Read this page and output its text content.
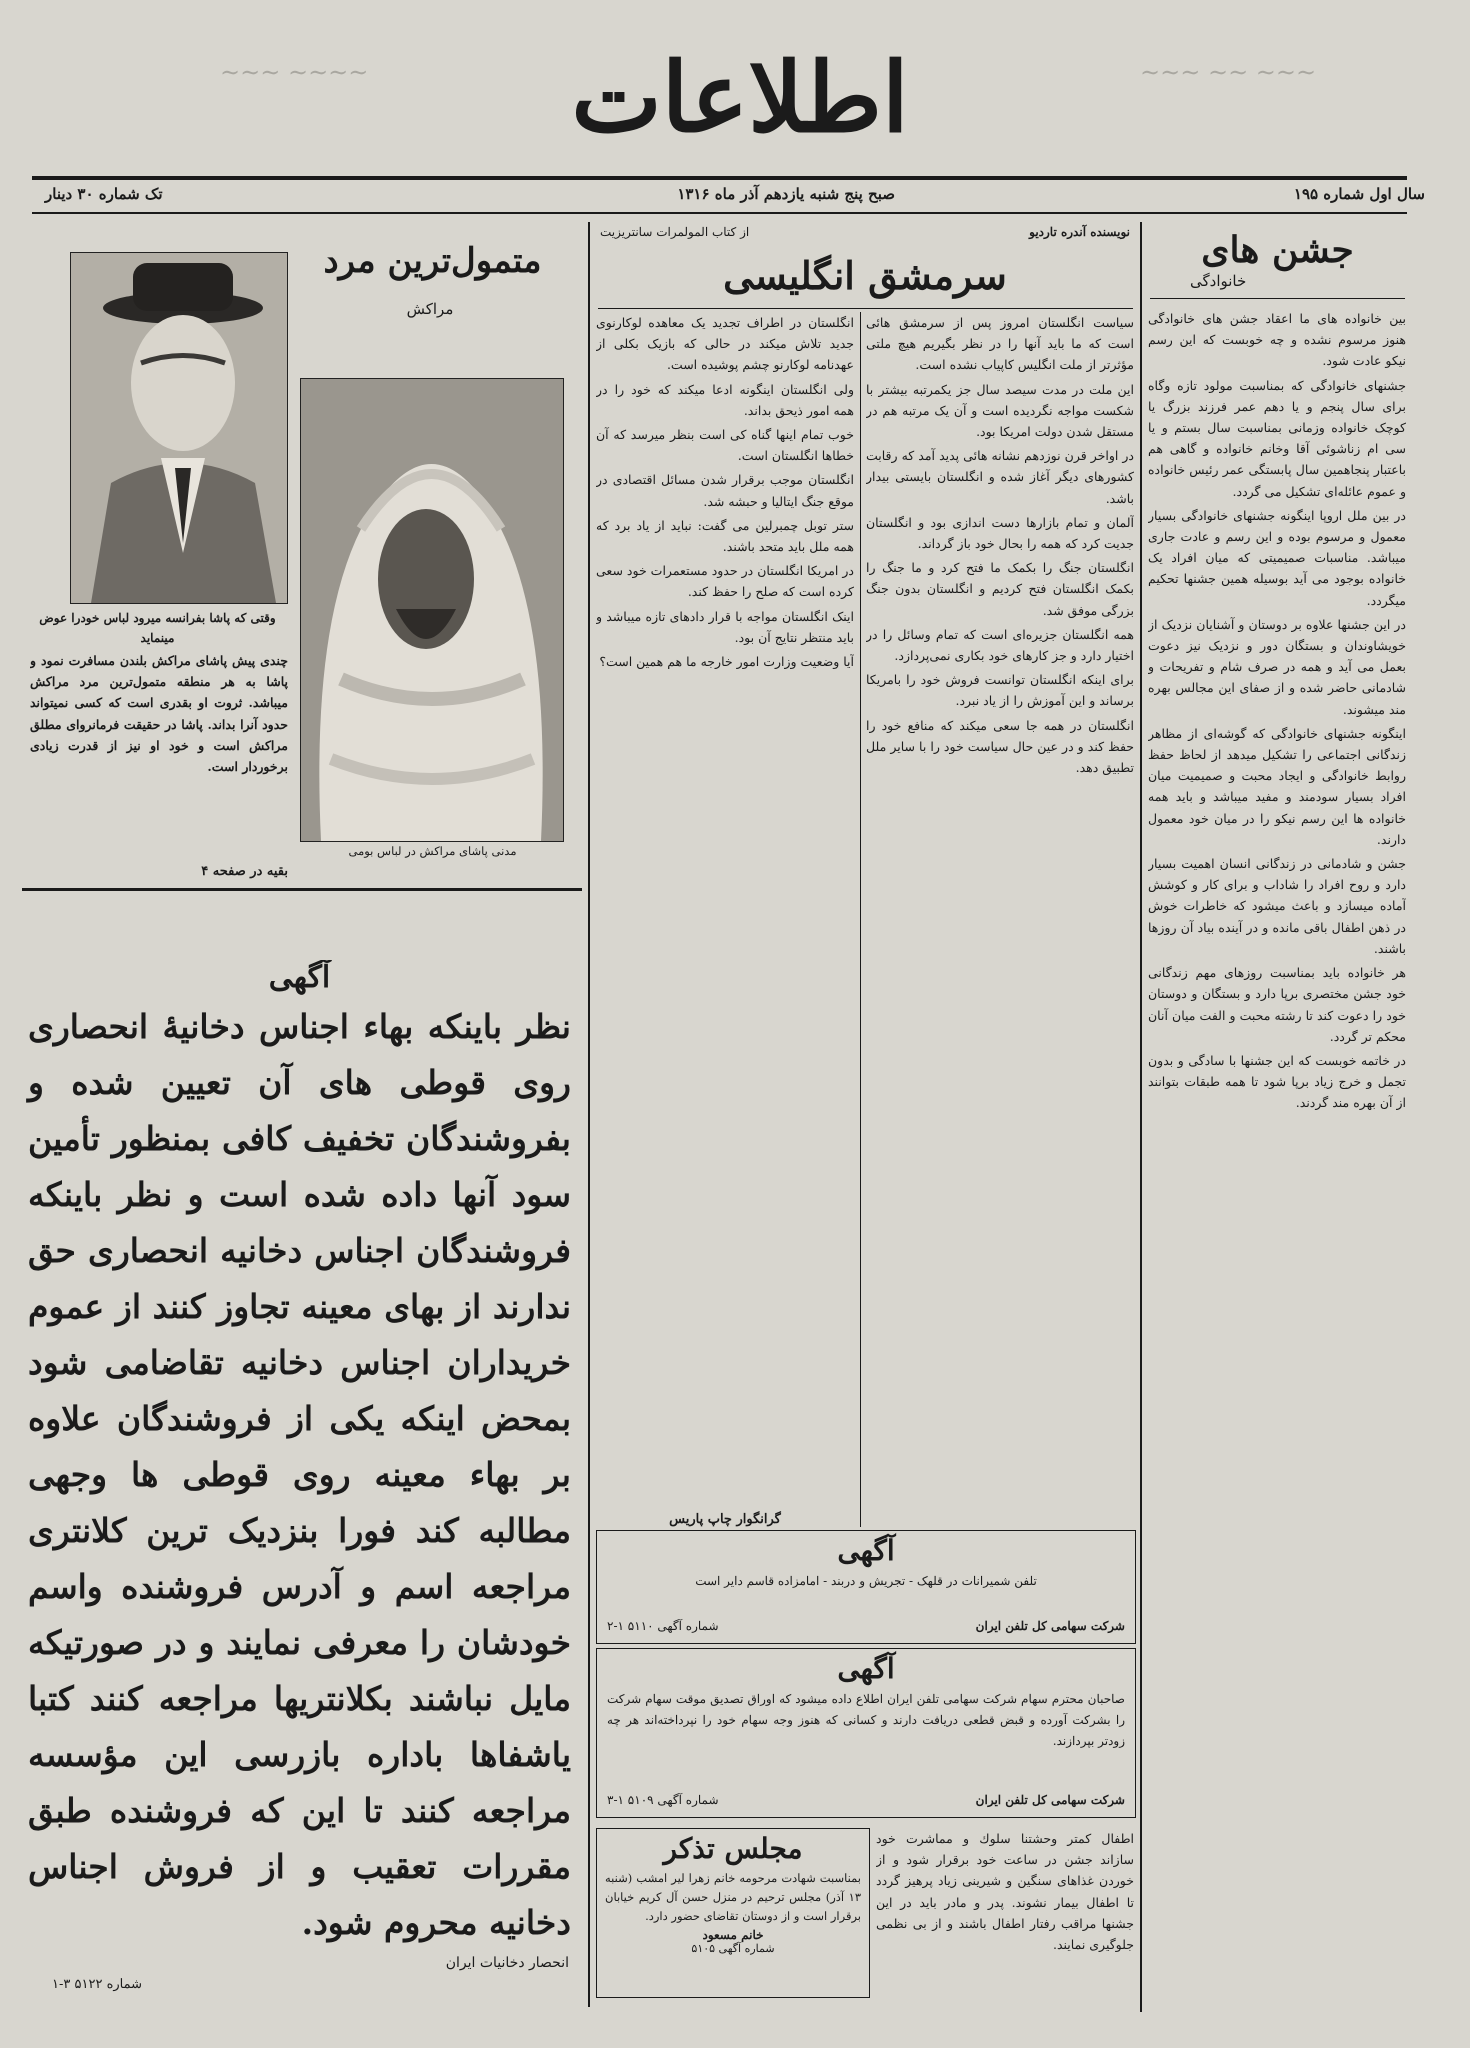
∽∽∽ ∽∽ ∽∽∽
∽∽∽∽ ∽∽∽ اطلاعات
سال اول شماره ۱۹۵
صبح پنج شنبه یازدهم آذر ماه ۱۳۱۶
تک شماره ۳۰ دینار
جشن های
خانوادگی

بین خانواده های ما اعقاد جشن های خانوادگی هنوز مرسوم نشده و چه خوبست که این رسم نیکو عادت شود.

جشنهای خانوادگی که بمناسبت مولود تازه وگاه برای سال پنجم و یا دهم عمر فرزند بزرگ یا کوچک خانواده وزمانی بمناسبت سال بستم و یا سی ام زناشوئی آقا وخانم خانواده و گاهی هم باعتبار پنجاهمین سال پابستگی عمر رئیس خانواده و عموم عائله‌ای تشکیل می گردد.

در بین ملل اروپا اینگونه جشنهای خانوادگی بسیار معمول و مرسوم بوده و این رسم و عادت جاری میباشد. مناسبات صمیمیتی که میان افراد یک خانواده بوجود می آید بوسیله همین جشنها تحکیم میگردد.

در این جشنها علاوه بر دوستان و آشنایان نزدیک از خویشاوندان و بستگان دور و نزدیک نیز دعوت بعمل می آید و همه در صرف شام و تفریحات و شادمانی حاضر شده و از صفای این مجالس بهره مند میشوند.

اینگونه جشنهای خانوادگی که گوشه‌ای از مظاهر زندگانی اجتماعی را تشکیل میدهد از لحاظ حفظ روابط خانوادگی و ایجاد محبت و صمیمیت میان افراد بسیار سودمند و مفید میباشد و باید همه خانواده ها این رسم نیکو را در میان خود معمول دارند.

جشن و شادمانی در زندگانی انسان اهمیت بسیار دارد و روح افراد را شاداب و برای کار و کوشش آماده میسازد و باعث میشود که خاطرات خوش در ذهن اطفال باقی مانده و در آینده بیاد آن روزها باشند.

هر خانواده باید بمناسبت روزهای مهم زندگانی خود جشن مختصری برپا دارد و بستگان و دوستان خود را دعوت کند تا رشته محبت و الفت میان آنان محکم تر گردد.

در خاتمه خوبست که این جشنها با سادگی و بدون تجمل و خرج زیاد برپا شود تا همه طبقات بتوانند از آن بهره مند گردند.

نویسنده آندره تاردیو
از کتاب المولمرات سانتریزیت
سرمشق انگلیسی

سیاست انگلستان امروز پس از سرمشق هائی است که ما باید آنها را در نظر بگیریم هیچ ملتی مؤثرتر از ملت انگلیس کاپیاب نشده است.

این ملت در مدت سیصد سال جز یکمرتبه بیشتر با شکست مواجه نگردیده است و آن یک مرتبه هم در مستقل شدن دولت امریکا بود.

در اواخر قرن نوزدهم نشانه هائی پدید آمد که رقابت کشورهای دیگر آغاز شده و انگلستان بایستی بیدار باشد.

آلمان و تمام بازارها دست اندازی بود و انگلستان جدیت کرد که همه را بحال خود باز گرداند.

انگلستان جنگ را بکمک ما فتح کرد و ما جنگ را بکمک انگلستان فتح کردیم و انگلستان بدون جنگ بزرگی موفق شد.

همه انگلستان جزیره‌ای است که تمام وسائل را در اختیار دارد و جز کارهای خود بکاری نمی‌پردازد.

برای اینکه انگلستان توانست فروش خود را بامریکا برساند و این آموزش را از یاد نبرد.

انگلستان در همه جا سعی میکند که منافع خود را حفظ کند و در عین حال سیاست خود را با سایر ملل تطبیق دهد.

انگلستان در اطراف تجدید یک معاهده لوکارنوی جدید تلاش میکند در حالی که بازیک بکلی از عهدنامه لوکارنو چشم پوشیده است.

ولی انگلستان اینگونه ادعا میکند که خود را در همه امور ذیحق بداند.

خوب تمام اینها گناه کی است بنظر میرسد که آن خطاها انگلستان است.

انگلستان موجب برقرار شدن مسائل اقتصادی در موقع جنگ ایتالیا و حبشه شد.

ستر توبل چمبرلین می گفت: نباید از یاد برد که همه ملل باید متحد باشند.

در امریکا انگلستان در حدود مستعمرات خود سعی کرده است که صلح را حفظ کند.

اینک انگلستان مواجه با قرار دادهای تازه میباشد و باید منتظر نتایج آن بود.

آیا وضعیت وزارت امور خارجه ما هم همین است؟

گرانگوار چاپ پاریس
متمول‌ترین مرد
مراکش
مدنی پاشای مراکش در لباس بومی
وقتی که پاشا بفرانسه میرود لباس خودرا عوض مینماید
چندی پیش پاشای مراکش بلندن مسافرت نمود و پاشا به هر منطقه متمول‌ترین مرد مراکش میباشد. ثروت او بقدری است که کسی نمیتواند حدود آنرا بداند. پاشا در حقیقت فرمانروای مطلق مراکش است و خود او نیز از قدرت زیادی برخوردار است.
بقیه در صفحه ۴
آگهی
نظر باینکه بهاء اجناس دخانیهٔ انحصاری روی قوطی های آن تعیین شده و بفروشندگان تخفیف کافی بمنظور تأمین سود آنها داده شده است و نظر باینکه فروشندگان اجناس دخانیه انحصاری حق ندارند از بهای معینه تجاوز کنند از عموم خریداران اجناس دخانیه تقاضامی شود بمحض اینکه یکی از فروشندگان علاوه بر بهاء معینه روی قوطی ها وجهی مطالبه کند فورا بنزدیک ترین کلانتری مراجعه اسم و آدرس فروشنده واسم خودشان را معرفی نمایند و در صورتیکه مایل نباشند بکلانتریها مراجعه کنند کتبا یاشفاها باداره بازرسی این مؤسسه مراجعه کنند تا این که فروشنده طبق مقررات تعقیب و از فروش اجناس دخانیه محروم شود.
انحصار دخانیات ایران
شماره ۵۱۲۲ ۳-۱
آگهی
تلفن شمیرانات در قلهک - تجریش و دربند - امامزاده قاسم دایر است
شرکت سهامی کل تلفن ایران
شماره آگهی ۵۱۱۰ ۱-۲
آگهی
صاحبان محترم سهام شرکت سهامی تلفن ایران اطلاع داده میشود که اوراق تصدیق موقت سهام شرکت را بشرکت آورده و قبض قطعی دریافت دارند و کسانی که هنوز وجه سهام خود را نپرداخته‌اند هر چه زودتر بپردازند.
شرکت سهامی کل تلفن ایران
شماره آگهی ۵۱۰۹ ۱-۳
مجلس تذکر
بمناسبت شهادت مرحومه خانم زهرا لیر امشب (شنبه ۱۳ آذر) مجلس ترحیم در منزل حسن آل کریم خیابان برقرار است و از دوستان تقاضای حضور دارد.
خانم مسعود
شماره آگهی ۵۱۰۵
اطفال کمتر وحشتنا سلوك و مماشرت خود سازاند جشن در ساعت خود برقرار شود و از خوردن غذاهای سنگین و شیرینی زیاد پرهیز گردد تا اطفال بیمار نشوند. پدر و مادر باید در این جشنها مراقب رفتار اطفال باشند و از بی نظمی جلوگیری نمایند.
